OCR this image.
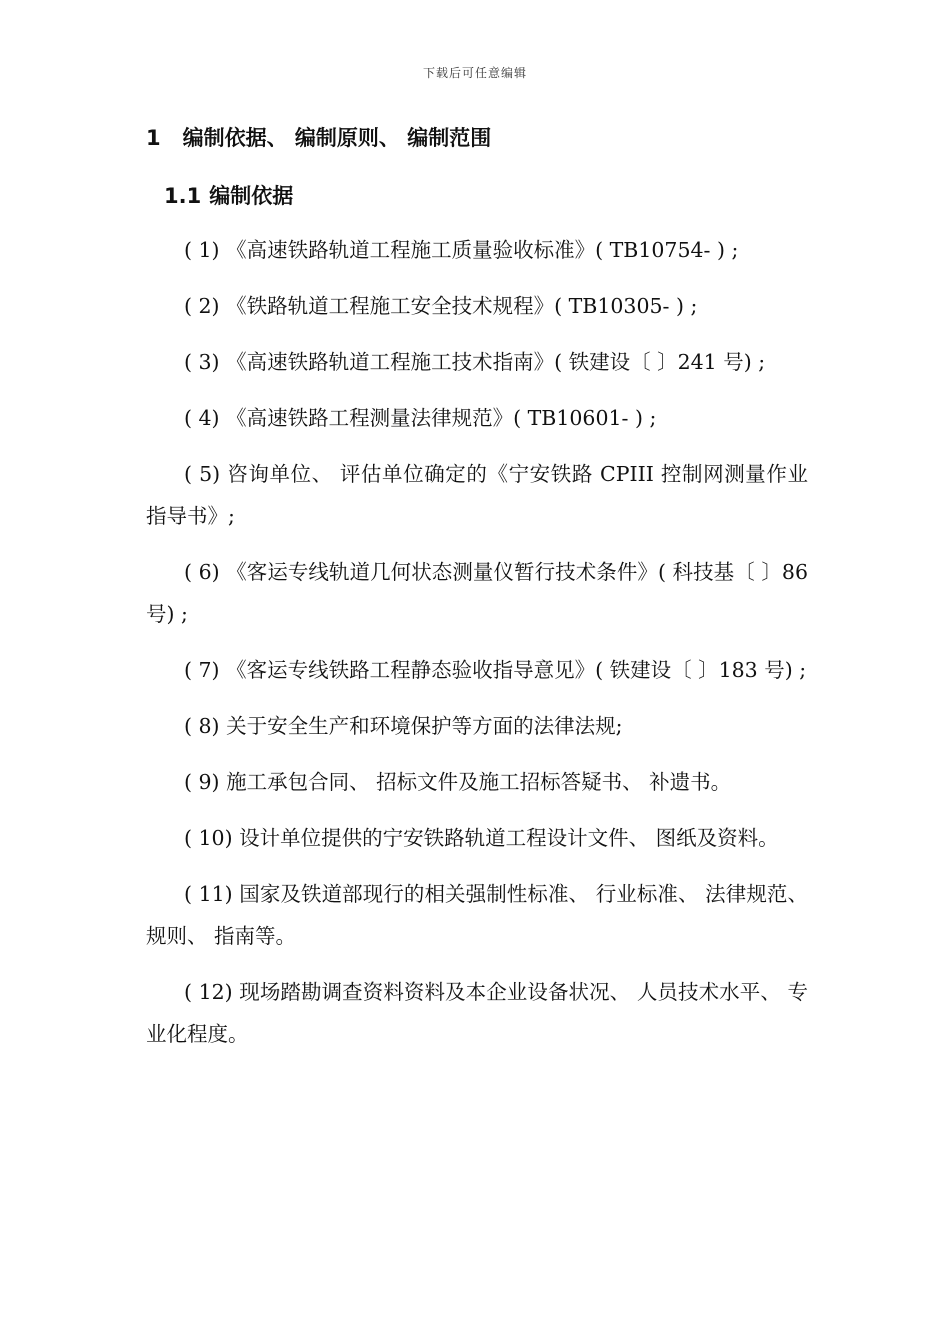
下载后可任意编辑
1 编制依据、 编制原则、 编制范围
1.1 编制依据
( 1) 《高速铁路轨道工程施工质量验收标准》( TB10754- ) ;
( 2) 《铁路轨道工程施工安全技术规程》( TB10305- ) ;
( 3) 《高速铁路轨道工程施工技术指南》( 铁建设〔 〕241 号) ;
( 4) 《高速铁路工程测量法律规范》( TB10601- ) ;
( 5) 咨询单位、 评估单位确定的《宁安铁路 CPIII 控制网测量作业指导书》;
( 6) 《客运专线轨道几何状态测量仪暂行技术条件》( 科技基〔 〕86 号) ;
( 7) 《客运专线铁路工程静态验收指导意见》( 铁建设〔 〕183 号) ;
( 8) 关于安全生产和环境保护等方面的法律法规;
( 9) 施工承包合同、 招标文件及施工招标答疑书、 补遗书。
( 10) 设计单位提供的宁安铁路轨道工程设计文件、 图纸及资料。
( 11) 国家及铁道部现行的相关强制性标准、 行业标准、 法律规范、 规则、 指南等。
( 12) 现场踏勘调查资料资料及本企业设备状况、 人员技术水平、 专业化程度。
